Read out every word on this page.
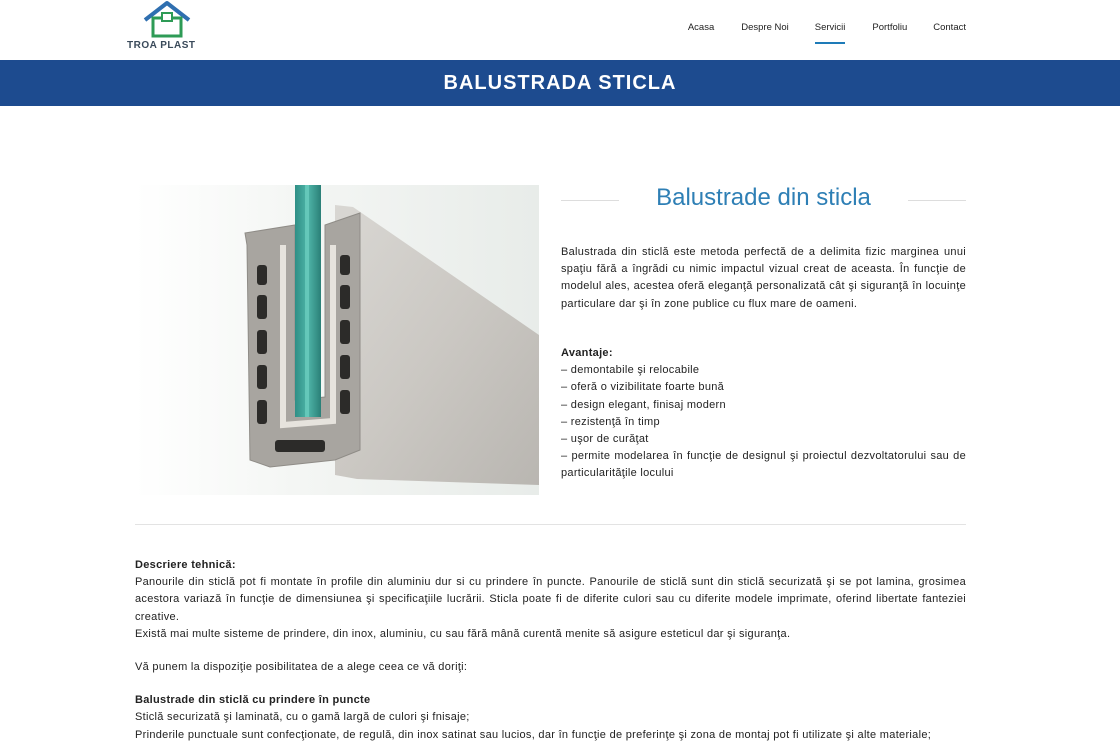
TROA PLAST
Acasa	Despre Noi	Servicii	Portfoliu	Contact
BALUSTRADA STICLA
Balustrade din sticla

Balustrada din sticlă este metoda perfectă de a delimita fizic marginea unui spaţiu fără a îngrădi cu nimic impactul vizual creat de aceasta. În funcţie de modelul ales, acestea oferă eleganţă personalizată cât şi siguranţă în locuinţe particulare dar şi în zone publice cu flux mare de oameni.

Avantaje:
– demontabile şi relocabile
– oferă o vizibilitate foarte bună
– design elegant, finisaj modern
– rezistenţă în timp
– uşor de curăţat
– permite modelarea în funcţie de designul şi proiectul dezvoltatorului sau de particularităţile locului
Descriere tehnică:
Panourile din sticlă pot fi montate în profile din aluminiu dur si cu prindere în puncte. Panourile de sticlă sunt din sticlă securizată şi se pot lamina, grosimea acestora variază în funcţie de dimensiunea şi specificaţiile lucrării. Sticla poate fi de diferite culori sau cu diferite modele imprimate, oferind libertate fanteziei creative.
Există mai multe sisteme de prindere, din inox, aluminiu, cu sau fără mână curentă menite să asigure esteticul dar şi siguranţa.
Vă punem la dispoziţie posibilitatea de a alege ceea ce vă doriţi:
Balustrade din sticlă cu prindere în puncte
Sticlă securizată şi laminată, cu o gamă largă de culori şi fnisaje;
Prinderile punctuale sunt confecţionate, de regulă, din inox satinat sau lucios, dar în funcţie de preferinţe şi zona de montaj pot fi utilizate şi alte materiale;
